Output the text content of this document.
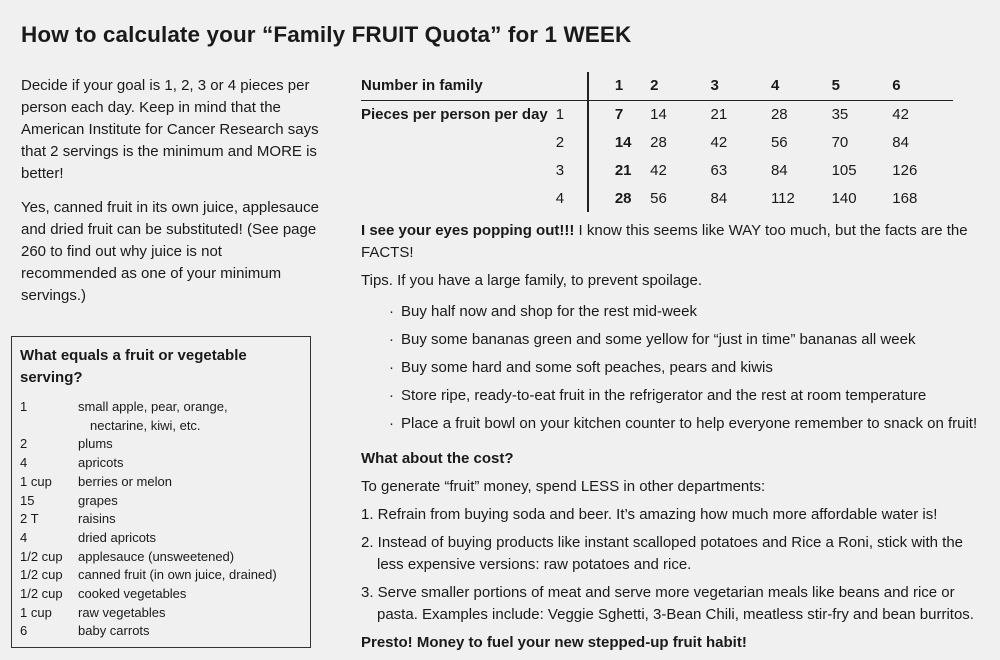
How to calculate your “Family FRUIT Quota” for 1 WEEK

Decide if your goal is 1, 2, 3 or 4 pieces per person each day. Keep in mind that the American Institute for Cancer Research says that 2 servings is the minimum and MORE is better!

Yes, canned fruit in its own juice, applesauce and dried fruit can be substituted! (See page 260 to find out why juice is not recommended as one of your minimum servings.)

What equals a fruit or vegetable serving?
1	small apple, pear, orange,
nectarine, kiwi, etc.
2	plums
4	apricots
1 cup	berries or melon
15	grapes
2 T	raisins
4	dried apricots
1/2 cup	applesauce (unsweetened)
1/2 cup	canned fruit (in own juice, drained)
1/2 cup	cooked vegetables
1 cup	raw vegetables
6	baby carrots
Number in family		1	2	3	4	5	6
Pieces per person per day	1	7	14	21	28	35	42
	2	14	28	42	56	70	84
	3	21	42	63	84	105	126
	4	28	56	84	112	140	168

I see your eyes popping out!!! I know this seems like WAY too much, but the facts are the FACTS!

Tips. If you have a large family, to prevent spoilage.

· Buy half now and shop for the rest mid-week
· Buy some bananas green and some yellow for “just in time” bananas all week
· Buy some hard and some soft peaches, pears and kiwis
· Store ripe, ready-to-eat fruit in the refrigerator and the rest at room temperature
· Place a fruit bowl on your kitchen counter to help everyone remember to snack on fruit!

What about the cost?

To generate “fruit” money, spend LESS in other departments:

1. Refrain from buying soda and beer. It’s amazing how much more affordable water is!
2. Instead of buying products like instant scalloped potatoes and Rice a Roni, stick with the less expensive versions: raw potatoes and rice.
3. Serve smaller portions of meat and serve more vegetarian meals like beans and rice or pasta. Examples include: Veggie Sghetti, 3-Bean Chili, meatless stir-fry and bean burritos.

Presto! Money to fuel your new stepped-up fruit habit!
